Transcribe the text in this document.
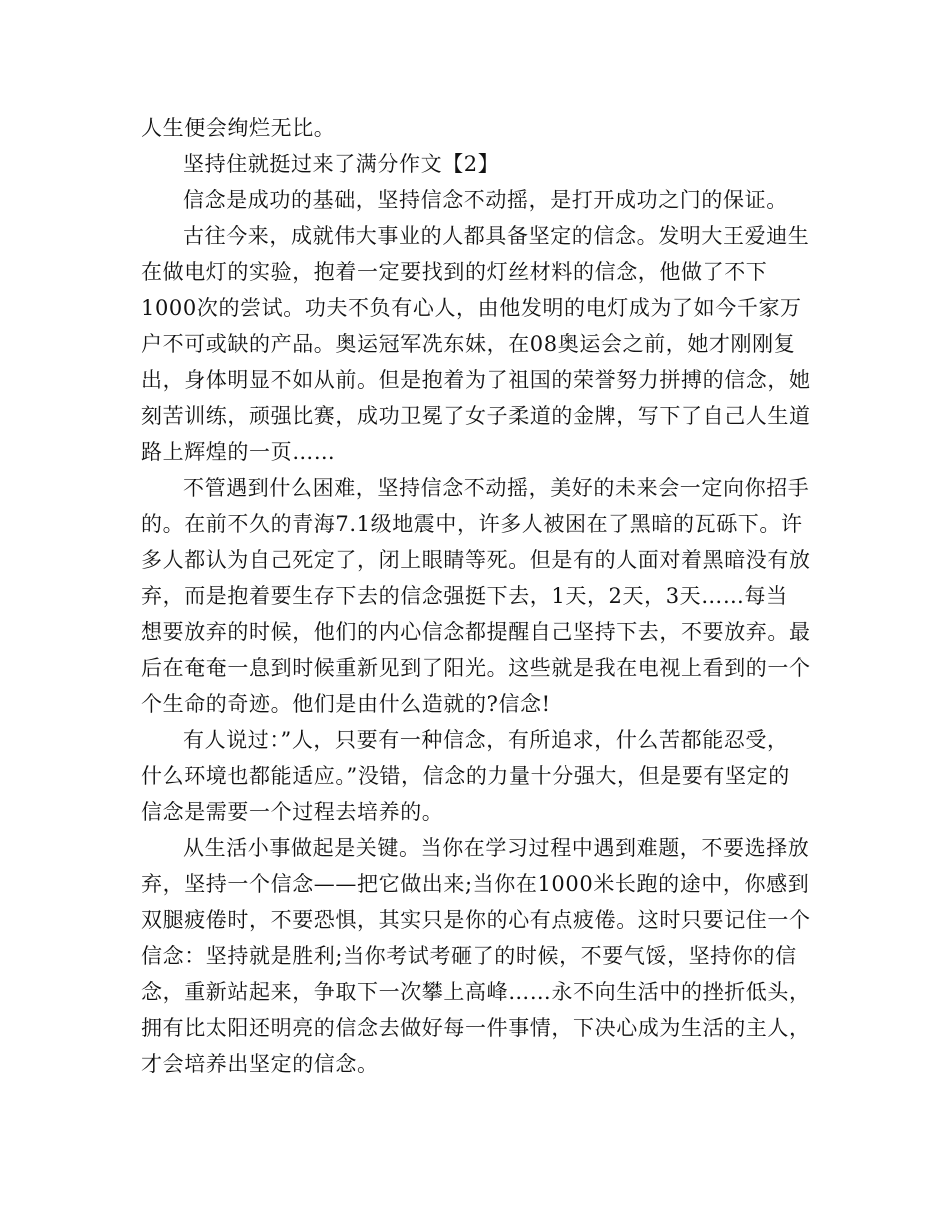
人生便会绚烂无比。
坚持住就挺过来了满分作文【2】
信念是成功的基础，坚持信念不动摇，是打开成功之门的保证。
古往今来，成就伟大事业的人都具备坚定的信念。发明大王爱迪生
在做电灯的实验，抱着一定要找到的灯丝材料的信念，他做了不下
1000次的尝试。功夫不负有心人，由他发明的电灯成为了如今千家万
户不可或缺的产品。奥运冠军冼东妹，在08奥运会之前，她才刚刚复
出，身体明显不如从前。但是抱着为了祖国的荣誉努力拼搏的信念，她
刻苦训练，顽强比赛，成功卫冕了女子柔道的金牌，写下了自己人生道
路上辉煌的一页……
不管遇到什么困难，坚持信念不动摇，美好的未来会一定向你招手
的。在前不久的青海7.1级地震中，许多人被困在了黑暗的瓦砾下。许
多人都认为自己死定了，闭上眼睛等死。但是有的人面对着黑暗没有放
弃，而是抱着要生存下去的信念强挺下去，1天，2天，3天……每当
想要放弃的时候，他们的内心信念都提醒自己坚持下去，不要放弃。最
后在奄奄一息到时候重新见到了阳光。这些就是我在电视上看到的一个
个生命的奇迹。他们是由什么造就的?信念!
有人说过：”人，只要有一种信念，有所追求，什么苦都能忍受，
什么环境也都能适应。”没错，信念的力量十分强大，但是要有坚定的
信念是需要一个过程去培养的。
从生活小事做起是关键。当你在学习过程中遇到难题，不要选择放
弃，坚持一个信念——把它做出来;当你在1000米长跑的途中，你感到
双腿疲倦时，不要恐惧，其实只是你的心有点疲倦。这时只要记住一个
信念：坚持就是胜利;当你考试考砸了的时候，不要气馁，坚持你的信
念，重新站起来，争取下一次攀上高峰……永不向生活中的挫折低头，
拥有比太阳还明亮的信念去做好每一件事情，下决心成为生活的主人，
才会培养出坚定的信念。
